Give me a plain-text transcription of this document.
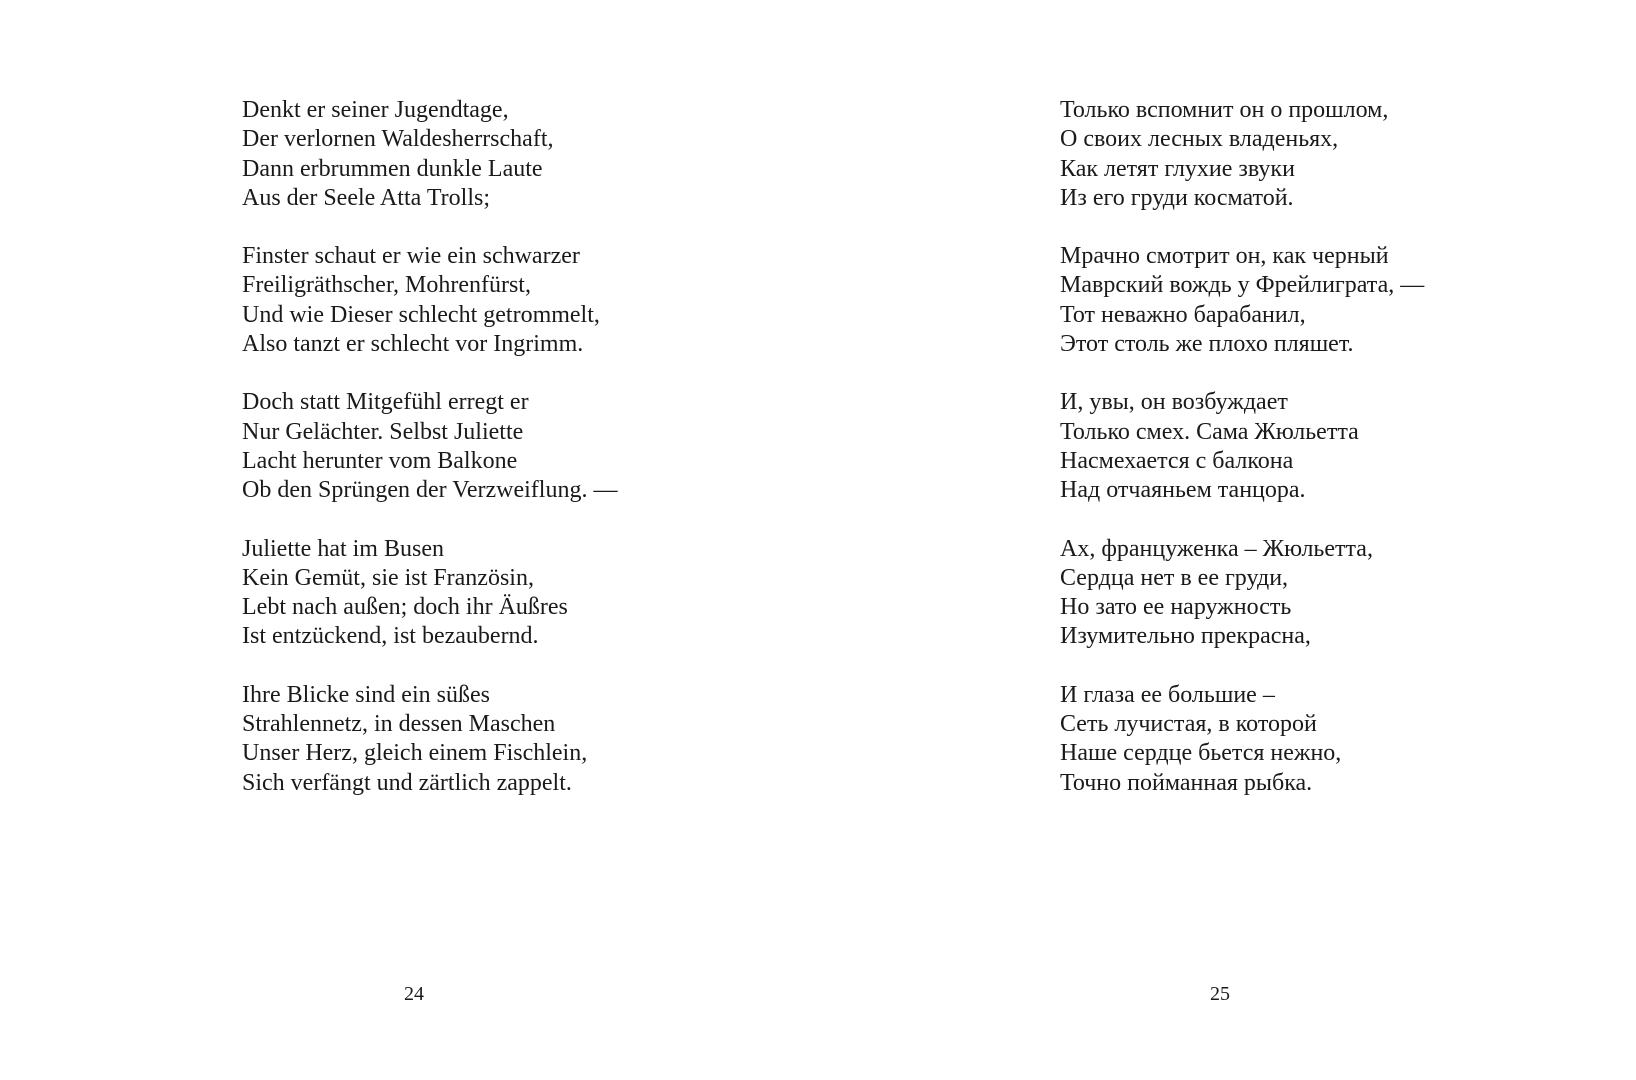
Denkt er seiner Jugendtage,
Der verlornen Waldesherrschaft,
Dann erbrummen dunkle Laute
Aus der Seele Atta Trolls;
Finster schaut er wie ein schwarzer
Freiligräthscher, Mohrenfürst,
Und wie Dieser schlecht getrommelt,
Also tanzt er schlecht vor Ingrimm.
Doch statt Mitgefühl erregt er
Nur Gelächter. Selbst Juliette
Lacht herunter vom Balkone
Ob den Sprüngen der Verzweiflung. —
Juliette hat im Busen
Kein Gemüt, sie ist Französin,
Lebt nach außen; doch ihr Äußres
Ist entzückend, ist bezaubernd.
Ihre Blicke sind ein süßes
Strahlennetz, in dessen Maschen
Unser Herz, gleich einem Fischlein,
Sich verfängt und zärtlich zappelt.
24
Только вспомнит он о прошлом,
О своих лесных владеньях,
Как летят глухие звуки
Из его груди косматой.
Мрачно смотрит он, как черный
Маврский вождь у Фрейлиграта, —
Тот неважно барабанил,
Этот столь же плохо пляшет.
И, увы, он возбуждает
Только смех. Сама Жюльетта
Насмехается с балкона
Над отчаяньем танцора.
Ах, француженка – Жюльетта,
Сердца нет в ее груди,
Но зато ее наружность
Изумительно прекрасна,
И глаза ее большие –
Сеть лучистая, в которой
Наше сердце бьется нежно,
Точно пойманная рыбка.
25
